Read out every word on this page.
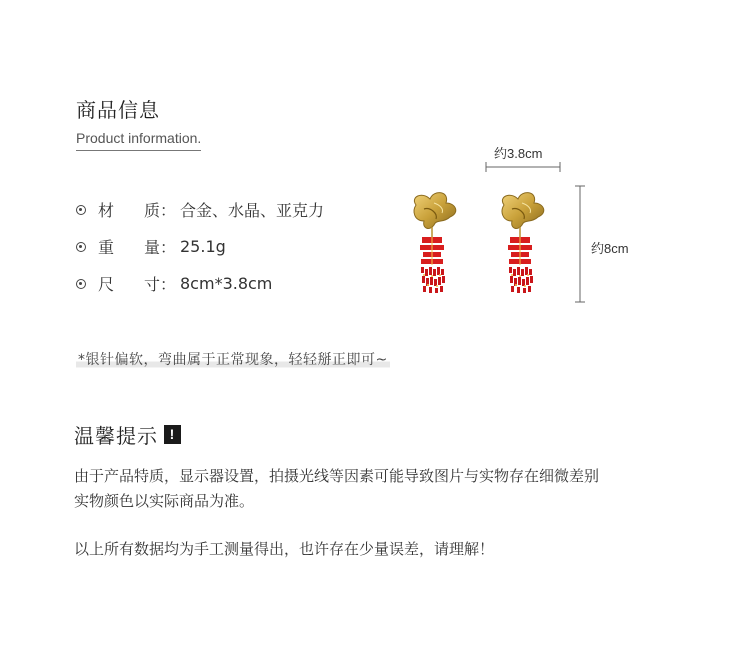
商品信息
Product information.
材	质： 合金、水晶、亚克力
重	量： 25.1g
尺	寸： 8cm*3.8cm
约3.8cm
约8cm
*银针偏软，弯曲属于正常现象，轻轻掰正即可~
温馨提示 !
由于产品特质，显示器设置，拍摄光线等因素可能导致图片与实物存在细微差别
实物颜色以实际商品为准。
以上所有数据均为手工测量得出，也许存在少量误差，请理解！
